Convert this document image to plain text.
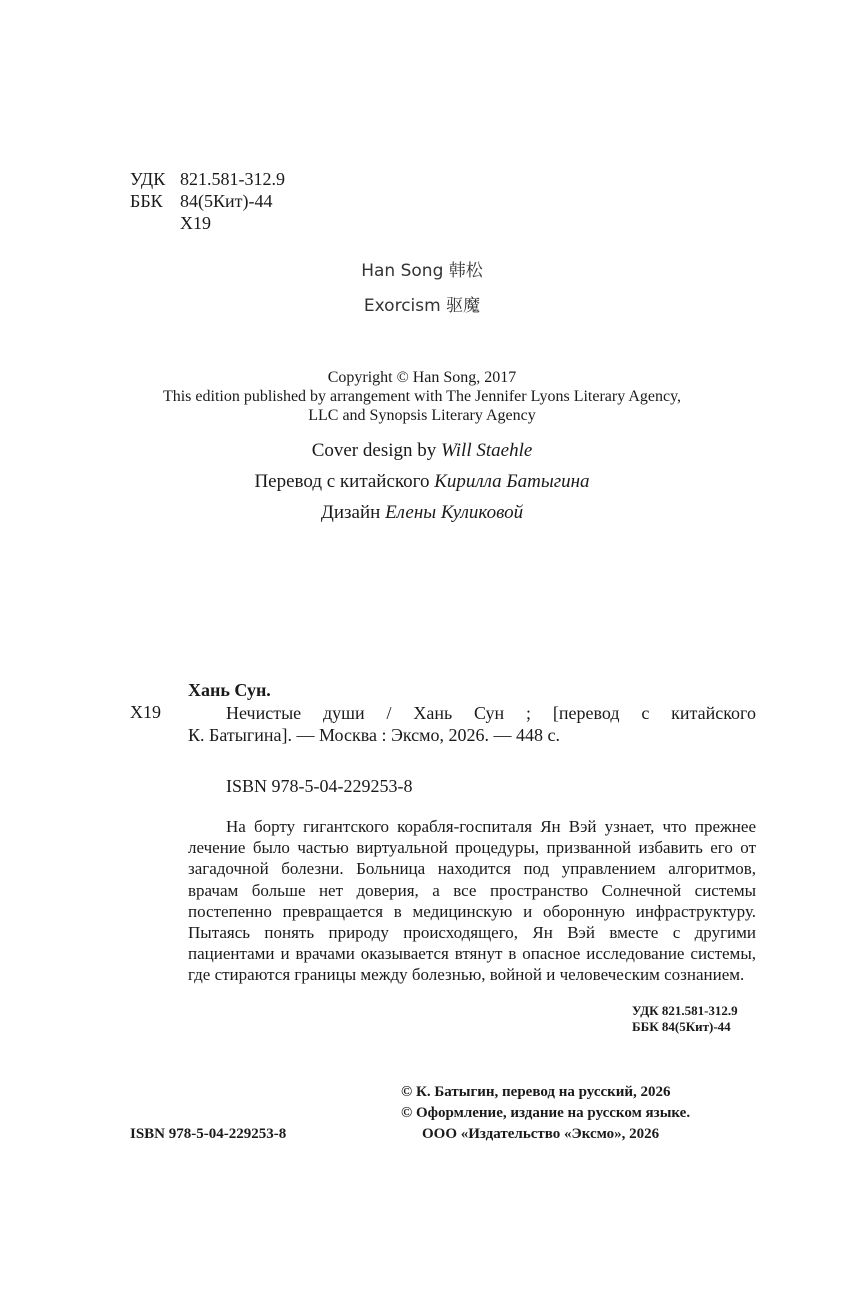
УДК 821.581-312.9
ББК 84(5Кит)-44
Х19
Han Song 韩松
Exorcism 驱魔
Copyright © Han Song, 2017
This edition published by arrangement with The Jennifer Lyons Literary Agency,
LLC and Synopsis Literary Agency
Cover design by Will Staehle
Перевод с китайского Кирилла Батыгина
Дизайн Елены Куликовой
Хань Сун.
Х19	Нечистые души / Хань Сун ; [перевод с китайского
К. Батыгина]. — Москва : Эксмо, 2026. — 448 с.
ISBN 978-5-04-229253-8
На борту гигантского корабля-госпиталя Ян Вэй узнает, что прежнее лечение было частью виртуальной процедуры, призванной избавить его от загадочной болезни. Больница находится под управлением алгоритмов, врачам больше нет доверия, а все пространство Солнечной системы постепенно превращается в медицинскую и оборонную инфраструктуру. Пытаясь понять природу происходящего, Ян Вэй вместе с другими пациентами и врачами оказывается втянут в опасное исследование системы, где стираются границы между болезнью, войной и человеческим сознанием.
УДК 821.581-312.9
ББК 84(5Кит)-44
© К. Батыгин, перевод на русский, 2026
© Оформление, издание на русском языке.
ООО «Издательство «Эксмо», 2026
ISBN 978-5-04-229253-8
